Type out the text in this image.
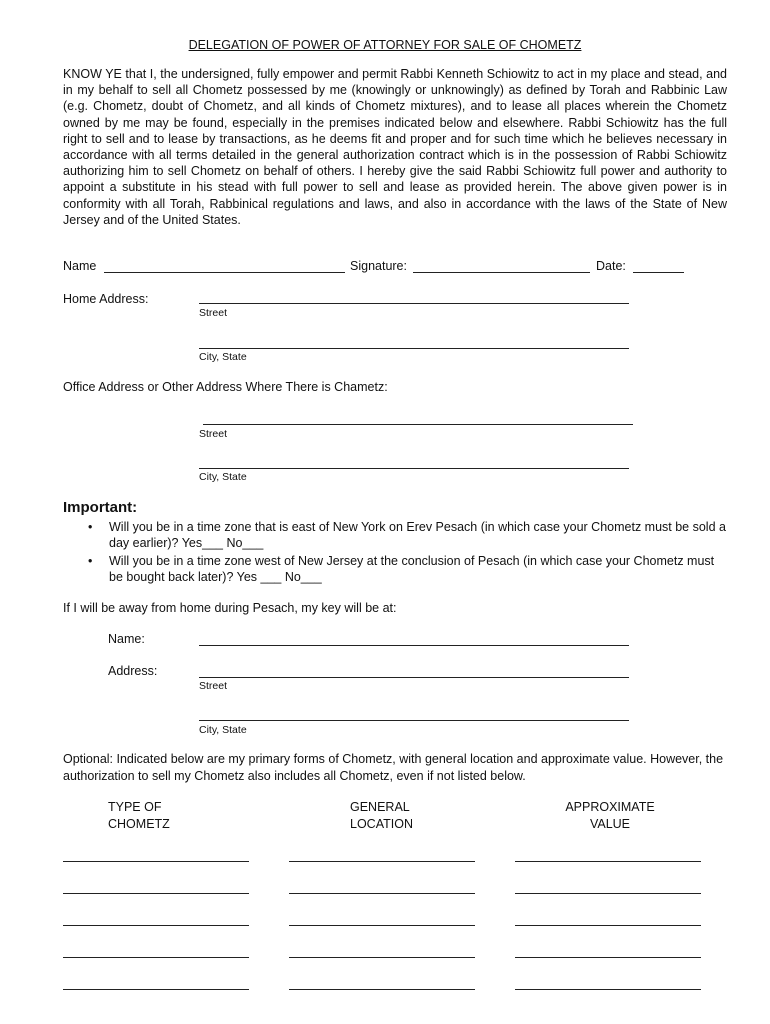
DELEGATION OF POWER OF ATTORNEY FOR SALE OF CHOMETZ
KNOW YE that I, the undersigned, fully empower and permit Rabbi Kenneth Schiowitz to act in my place and stead, and in my behalf to sell all Chometz possessed by me (knowingly or unknowingly) as defined by Torah and Rabbinic Law (e.g. Chometz, doubt of Chometz, and all kinds of Chometz mixtures), and to lease all places wherein the Chometz owned by me may be found, especially in the premises indicated below and elsewhere. Rabbi Schiowitz has the full right to sell and to lease by transactions, as he deems fit and proper and for such time which he believes necessary in accordance with all terms detailed in the general authorization contract which is in the possession of Rabbi Schiowitz authorizing him to sell Chometz on behalf of others. I hereby give the said Rabbi Schiowitz full power and authority to appoint a substitute in his stead with full power to sell and lease as provided herein. The above given power is in conformity with all Torah, Rabbinical regulations and laws, and also in accordance with the laws of the State of New Jersey and of the United States.
Name	Signature:	Date:
Home Address:
Street
City, State
Office Address or Other Address Where There is Chametz:
Street
City, State
Important:
• Will you be in a time zone that is east of New York on Erev Pesach (in which case your Chometz must be sold a day earlier)? Yes___ No___
• Will you be in a time zone west of New Jersey at the conclusion of Pesach (in which case your Chometz must be bought back later)? Yes ___ No___
If I will be away from home during Pesach, my key will be at:
Name:
Address:
Street
City, State
Optional: Indicated below are my primary forms of Chometz, with general location and approximate value. However, the authorization to sell my Chometz also includes all Chometz, even if not listed below.
TYPE OF
CHOMETZ
GENERAL
LOCATION
APPROXIMATE
VALUE
